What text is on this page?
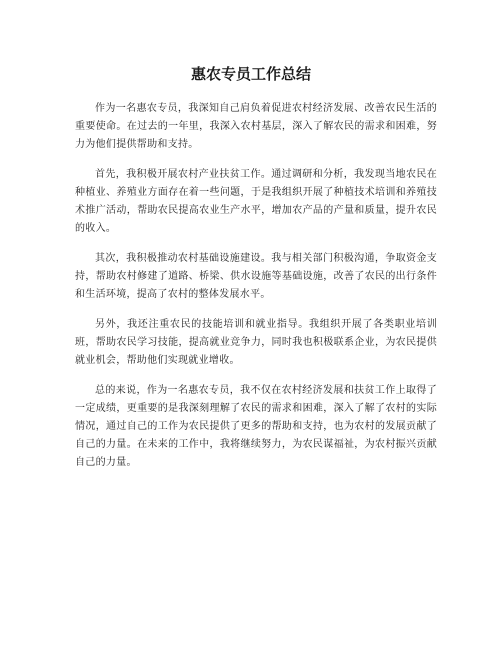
惠农专员工作总结

作为一名惠农专员，我深知自己肩负着促进农村经济发展、改善农民生活的重要使命。在过去的一年里，我深入农村基层，深入了解农民的需求和困难，努力为他们提供帮助和支持。

首先，我积极开展农村产业扶贫工作。通过调研和分析，我发现当地农民在种植业、养殖业方面存在着一些问题，于是我组织开展了种植技术培训和养殖技术推广活动，帮助农民提高农业生产水平，增加农产品的产量和质量，提升农民的收入。

其次，我积极推动农村基础设施建设。我与相关部门积极沟通，争取资金支持，帮助农村修建了道路、桥梁、供水设施等基础设施，改善了农民的出行条件和生活环境，提高了农村的整体发展水平。

另外，我还注重农民的技能培训和就业指导。我组织开展了各类职业培训班，帮助农民学习技能，提高就业竞争力，同时我也积极联系企业，为农民提供就业机会，帮助他们实现就业增收。

总的来说，作为一名惠农专员，我不仅在农村经济发展和扶贫工作上取得了一定成绩，更重要的是我深刻理解了农民的需求和困难，深入了解了农村的实际情况，通过自己的工作为农民提供了更多的帮助和支持，也为农村的发展贡献了自己的力量。在未来的工作中，我将继续努力，为农民谋福祉，为农村振兴贡献自己的力量。
